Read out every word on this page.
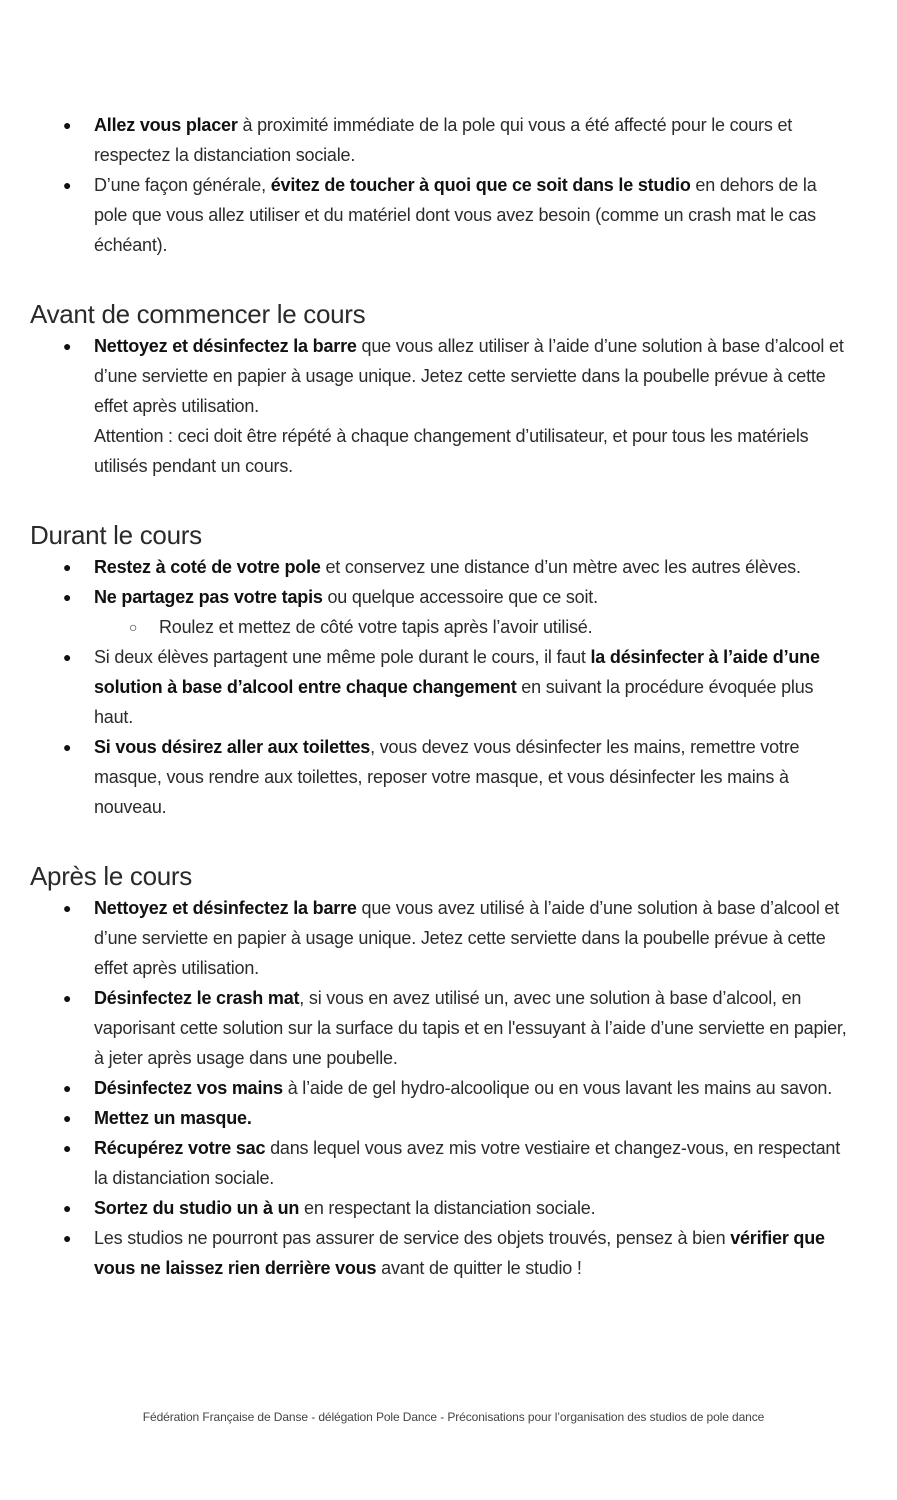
● Allez vous placer à proximité immédiate de la pole qui vous a été affecté pour le cours et respectez la distanciation sociale.
● D’une façon générale, évitez de toucher à quoi que ce soit dans le studio en dehors de la pole que vous allez utiliser et du matériel dont vous avez besoin (comme un crash mat le cas échéant).
Avant de commencer le cours
● Nettoyez et désinfectez la barre que vous allez utiliser à l’aide d’une solution à base d’alcool et d’une serviette en papier à usage unique. Jetez cette serviette dans la poubelle prévue à cette effet après utilisation.
Attention : ceci doit être répété à chaque changement d’utilisateur, et pour tous les matériels utilisés pendant un cours.
Durant le cours
● Restez à coté de votre pole et conservez une distance d’un mètre avec les autres élèves.
● Ne partagez pas votre tapis ou quelque accessoire que ce soit.
○ Roulez et mettez de côté votre tapis après l’avoir utilisé.
● Si deux élèves partagent une même pole durant le cours, il faut la désinfecter à l’aide d’une solution à base d’alcool entre chaque changement en suivant la procédure évoquée plus haut.
● Si vous désirez aller aux toilettes, vous devez vous désinfecter les mains, remettre votre masque, vous rendre aux toilettes, reposer votre masque, et vous désinfecter les mains à nouveau.
Après le cours
● Nettoyez et désinfectez la barre que vous avez utilisé à l’aide d’une solution à base d’alcool et d’une serviette en papier à usage unique. Jetez cette serviette dans la poubelle prévue à cette effet après utilisation.
● Désinfectez le crash mat, si vous en avez utilisé un, avec une solution à base d’alcool, en vaporisant cette solution sur la surface du tapis et en l'essuyant à l’aide d’une serviette en papier, à jeter après usage dans une poubelle.
● Désinfectez vos mains à l’aide de gel hydro-alcoolique ou en vous lavant les mains au savon.
● Mettez un masque.
● Récupérez votre sac dans lequel vous avez mis votre vestiaire et changez-vous, en respectant la distanciation sociale.
● Sortez du studio un à un en respectant la distanciation sociale.
● Les studios ne pourront pas assurer de service des objets trouvés, pensez à bien vérifier que vous ne laissez rien derrière vous avant de quitter le studio !
Fédération Française de Danse - délégation Pole Dance - Préconisations pour l’organisation des studios de pole dance
